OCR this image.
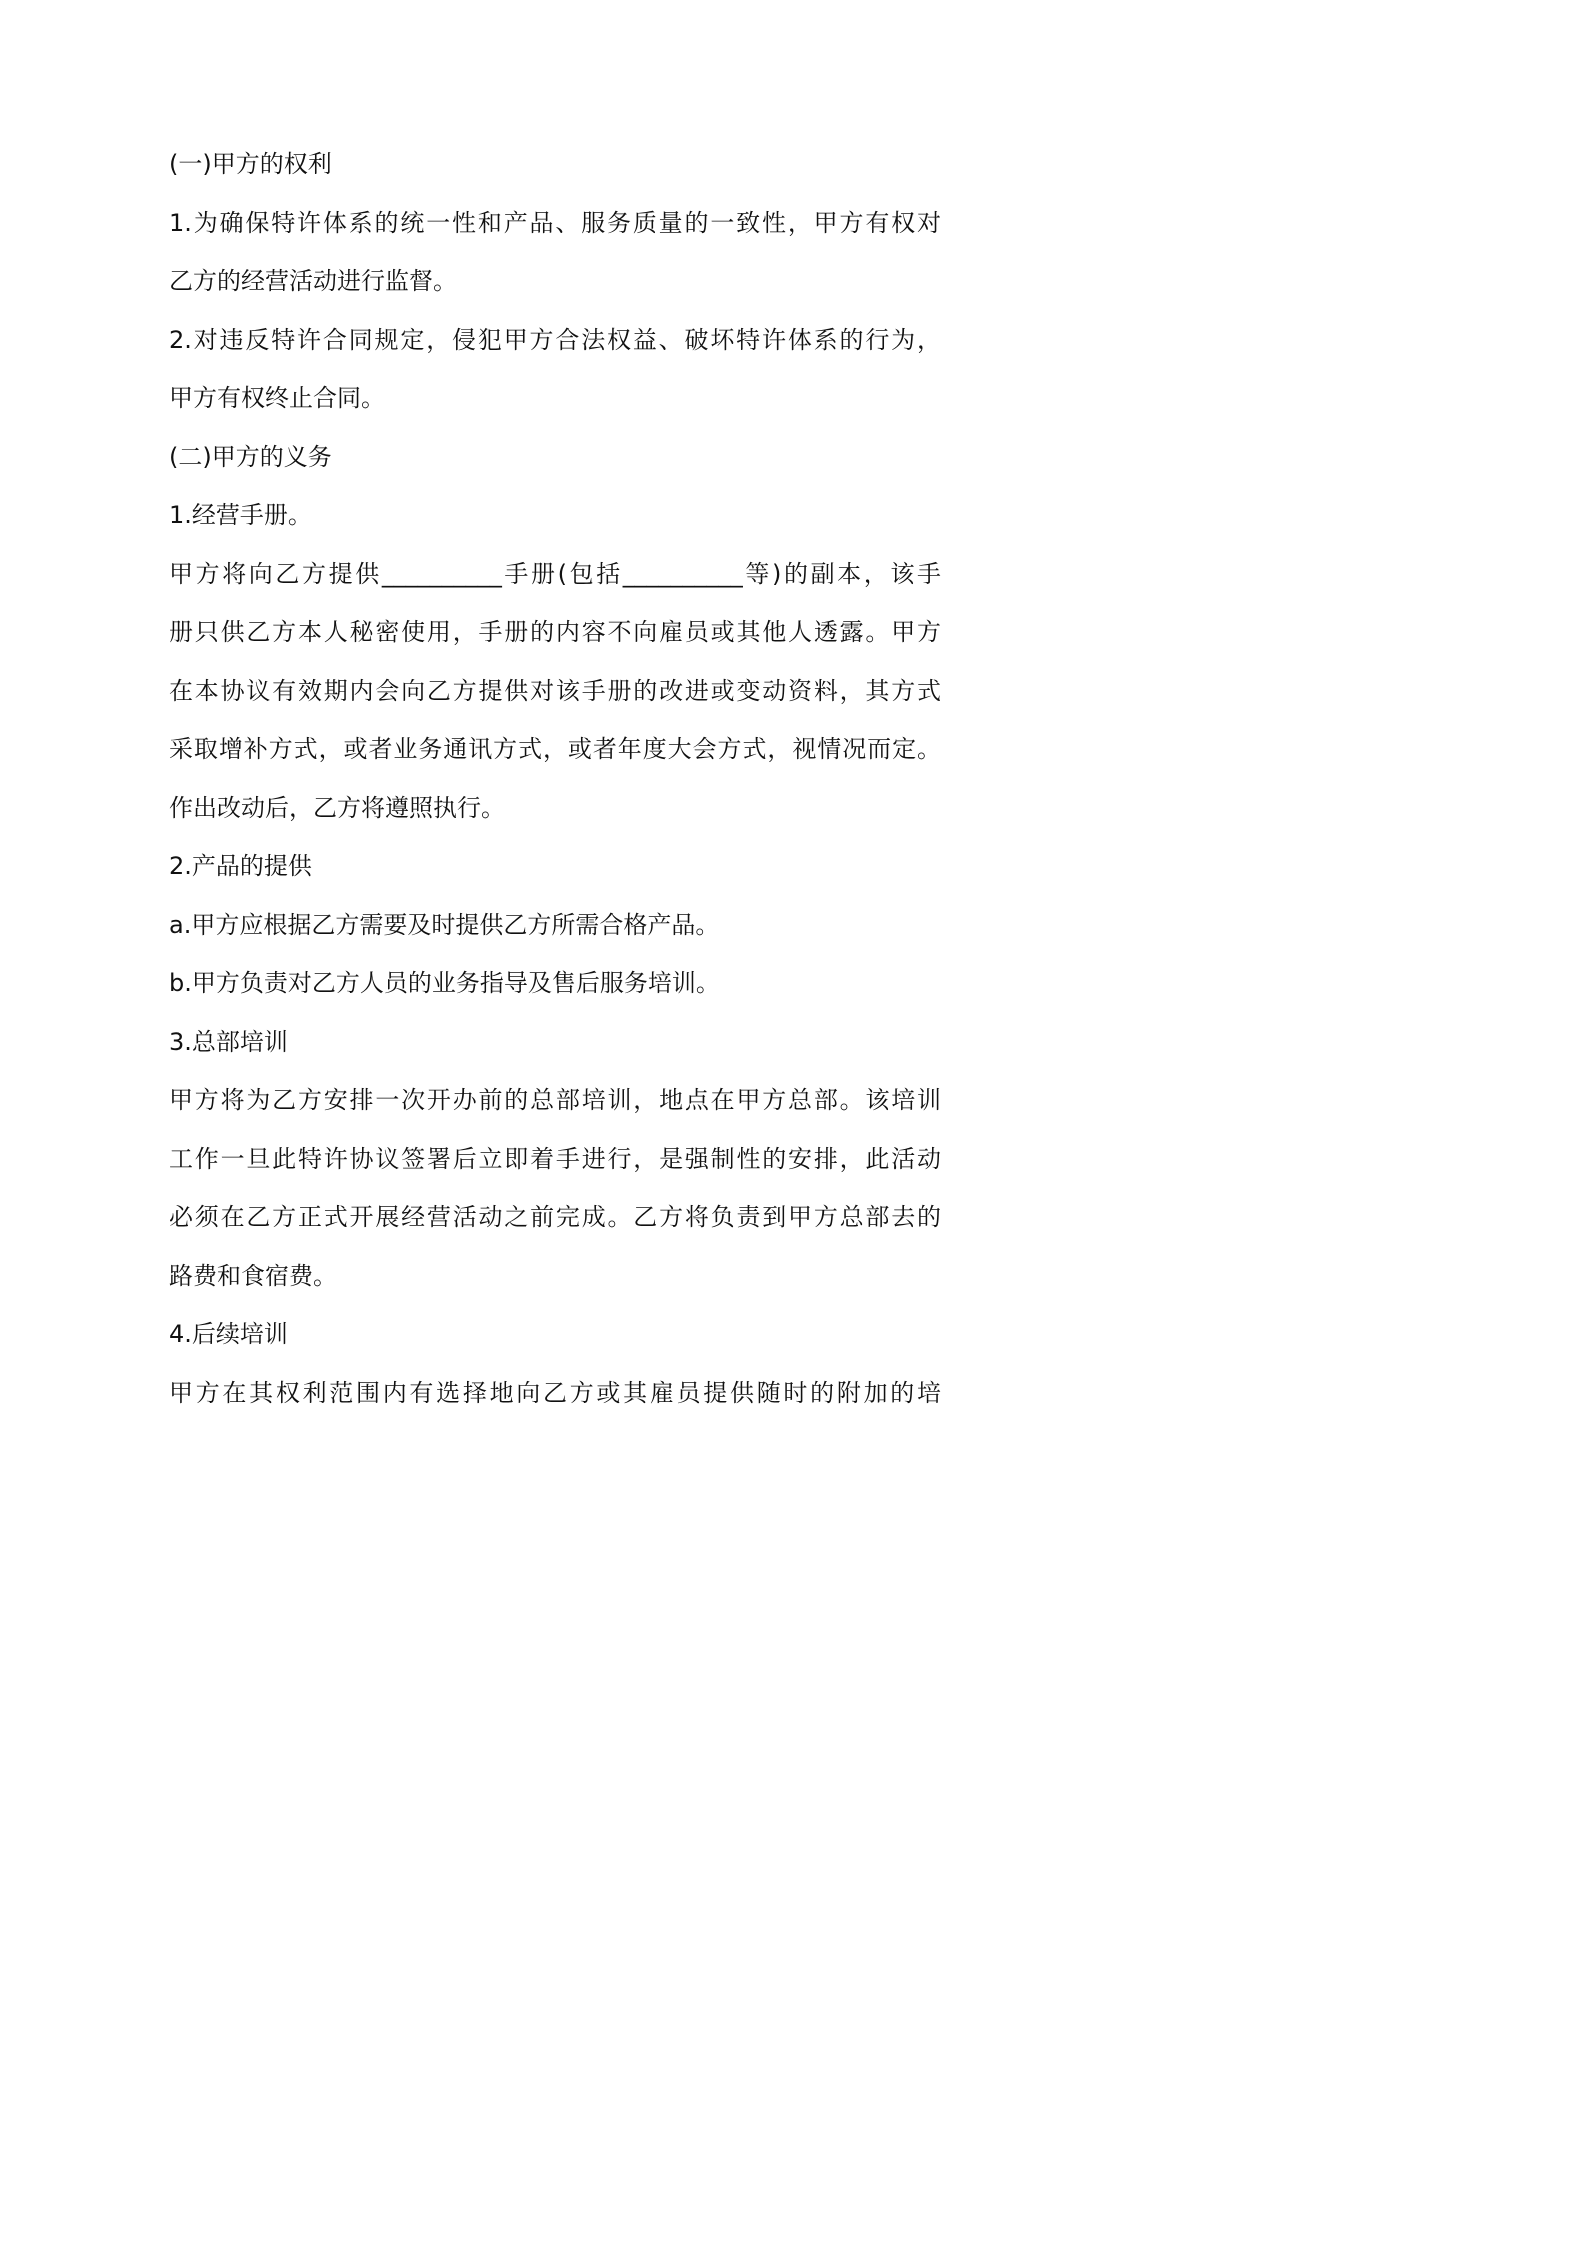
(一)甲方的权利
1.为确保特许体系的统一性和产品、服务质量的一致性，甲方有权对
乙方的经营活动进行监督。
2.对违反特许合同规定，侵犯甲方合法权益、破坏特许体系的行为，
甲方有权终止合同。
(二)甲方的义务
1.经营手册。
甲方将向乙方提供__________手册(包括__________等)的副本，该手
册只供乙方本人秘密使用，手册的内容不向雇员或其他人透露。甲方
在本协议有效期内会向乙方提供对该手册的改进或变动资料，其方式
采取增补方式，或者业务通讯方式，或者年度大会方式，视情况而定。
作出改动后，乙方将遵照执行。
2.产品的提供
a.甲方应根据乙方需要及时提供乙方所需合格产品。
b.甲方负责对乙方人员的业务指导及售后服务培训。
3.总部培训
甲方将为乙方安排一次开办前的总部培训，地点在甲方总部。该培训
工作一旦此特许协议签署后立即着手进行，是强制性的安排，此活动
必须在乙方正式开展经营活动之前完成。乙方将负责到甲方总部去的
路费和食宿费。
4.后续培训
甲方在其权利范围内有选择地向乙方或其雇员提供随时的附加的培
